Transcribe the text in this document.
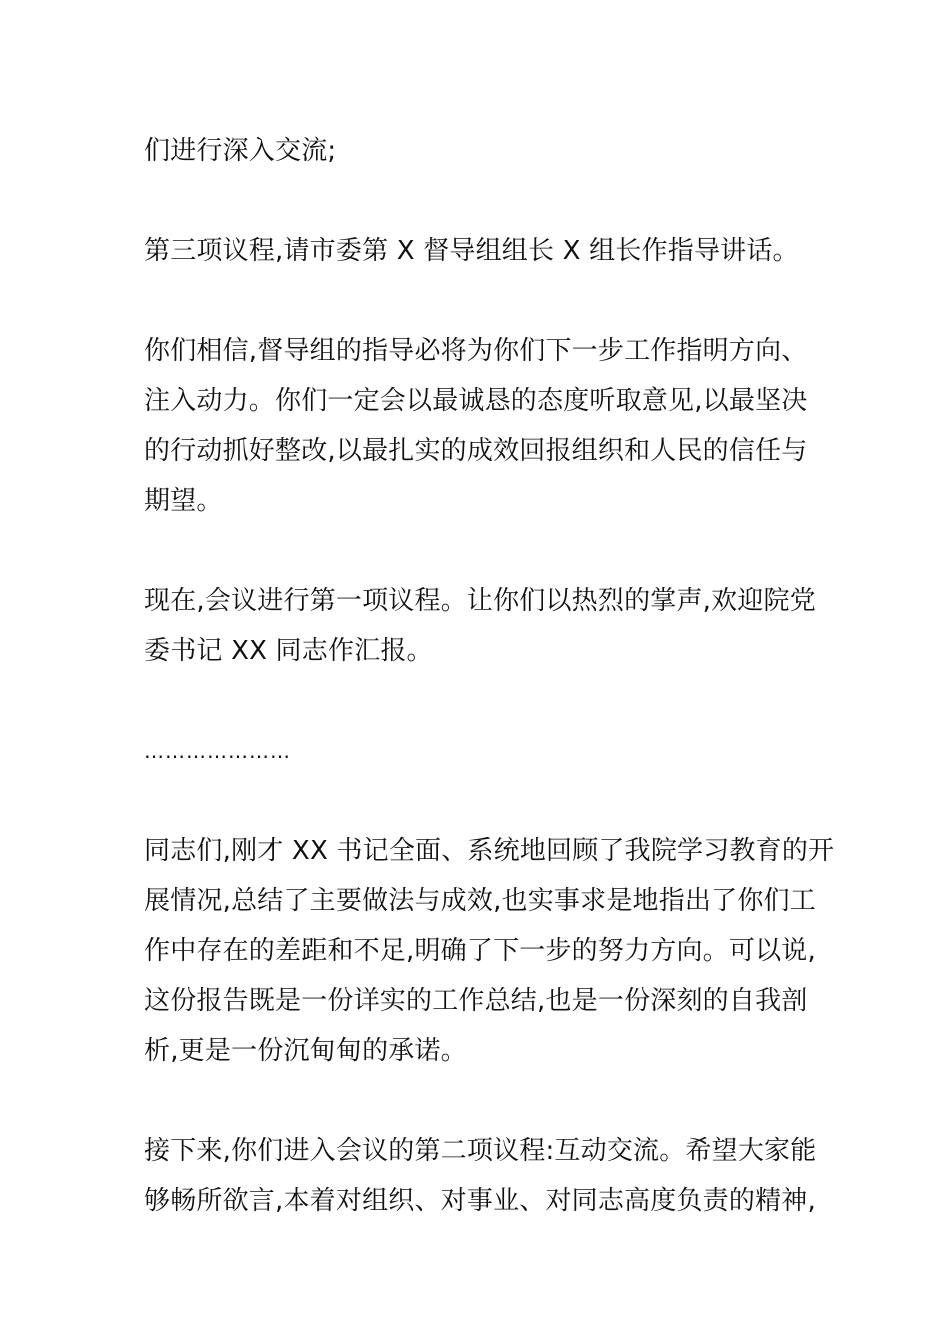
们进行深入交流;
第三项议程,请市委第 X 督导组组长 X 组长作指导讲话。
你们相信,督导组的指导必将为你们下一步工作指明方向、
注入动力。你们一定会以最诚恳的态度听取意见,以最坚决
的行动抓好整改,以最扎实的成效回报组织和人民的信任与
期望。
现在,会议进行第一项议程。让你们以热烈的掌声,欢迎院党
委书记 XX 同志作汇报。
…………………
同志们,刚才 XX 书记全面、系统地回顾了我院学习教育的开
展情况,总结了主要做法与成效,也实事求是地指出了你们工
作中存在的差距和不足,明确了下一步的努力方向。可以说,
这份报告既是一份详实的工作总结,也是一份深刻的自我剖
析,更是一份沉甸甸的承诺。
接下来,你们进入会议的第二项议程:互动交流。希望大家能
够畅所欲言,本着对组织、对事业、对同志高度负责的精神,
